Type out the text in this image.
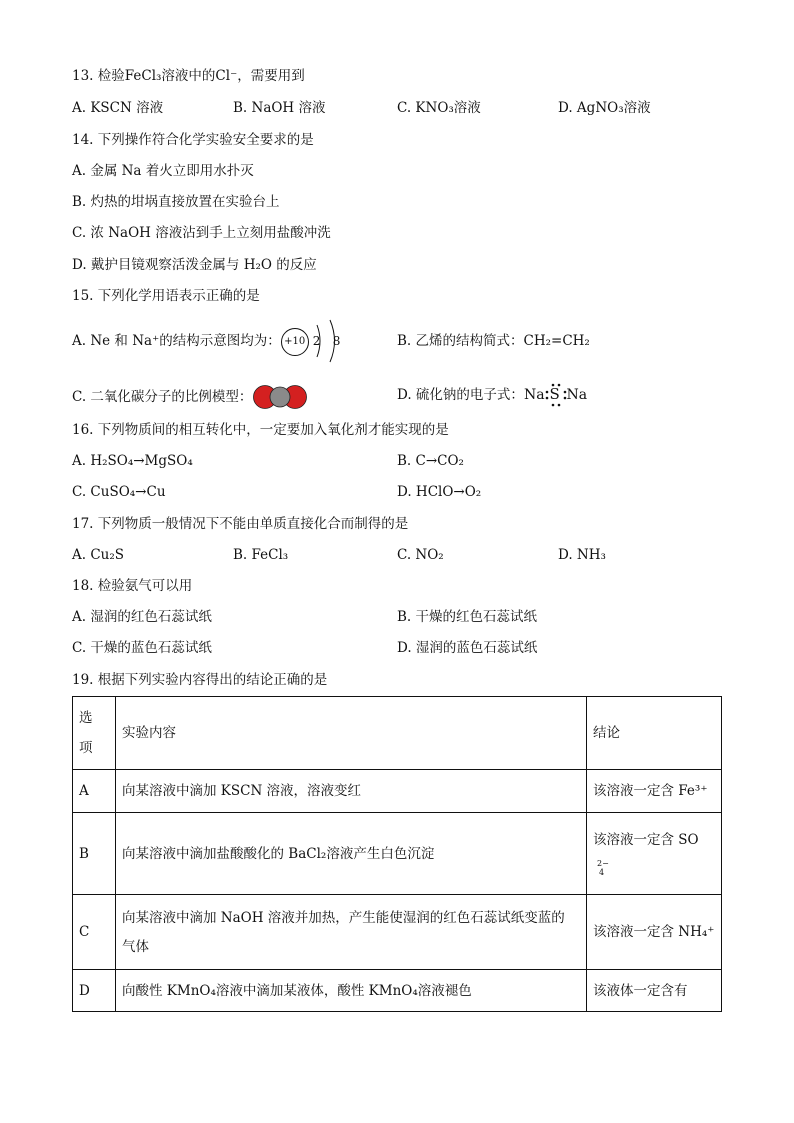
13. 检验FeCl₃溶液中的Cl⁻，需要用到
A. KSCN 溶液	B. NaOH 溶液	C. KNO₃溶液	D. AgNO₃溶液
14. 下列操作符合化学实验安全要求的是
A. 金属 Na 着火立即用水扑灭
B. 灼热的坩埚直接放置在实验台上
C. 浓 NaOH 溶液沾到手上立刻用盐酸冲洗
D. 戴护目镜观察活泼金属与 H₂O 的反应
15. 下列化学用语表示正确的是
A. Ne 和 Na⁺的结构示意图均为： +10 2 8	B. 乙烯的结构简式：CH₂=CH₂
C. 二氧化碳分子的比例模型：	D. 硫化钠的电子式： Na S Na
16. 下列物质间的相互转化中，一定要加入氧化剂才能实现的是
A. H₂SO₄→MgSO₄	B. C→CO₂
C. CuSO₄→Cu	D. HClO→O₂
17. 下列物质一般情况下不能由单质直接化合而制得的是
A. Cu₂S	B. FeCl₃	C. NO₂	D. NH₃
18. 检验氨气可以用
A. 湿润的红色石蕊试纸	B. 干燥的红色石蕊试纸
C. 干燥的蓝色石蕊试纸	D. 湿润的蓝色石蕊试纸
19. 根据下列实验内容得出的结论正确的是
选
项	实验内容	结论
A	向某溶液中滴加 KSCN 溶液，溶液变红	该溶液一定含 Fe³⁺
B	向某溶液中滴加盐酸酸化的 BaCl₂溶液产生白色沉淀	该溶液一定含 SO
2−
4

C	向某溶液中滴加 NaOH 溶液并加热，产生能使湿润的红色石蕊试纸变蓝的
气体	该溶液一定含 NH₄⁺
D	向酸性 KMnO₄溶液中滴加某液体，酸性 KMnO₄溶液褪色	该液体一定含有
